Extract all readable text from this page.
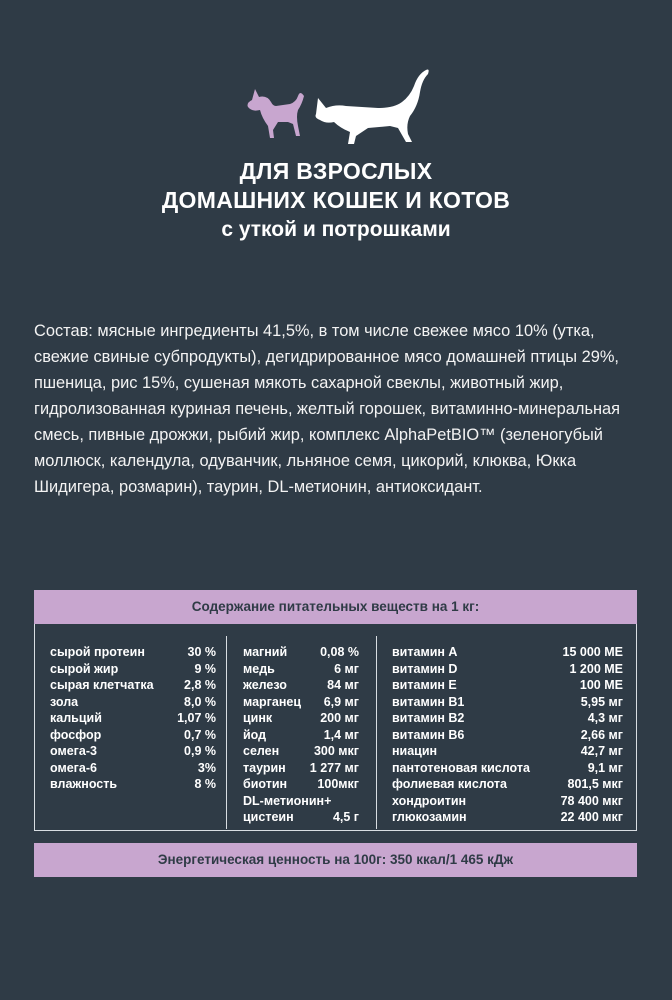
ДЛЯ ВЗРОСЛЫХ
ДОМАШНИХ КОШЕК И КОТОВ
с уткой и потрошками
Состав: мясные ингредиенты 41,5%, в том числе свежее мясо 10% (утка, свежие свиные субпродукты), дегидрированное мясо домашней птицы 29%, пшеница, рис 15%, сушеная мякоть сахарной свеклы, животный жир, гидролизованная куриная печень, желтый горошек, витаминно-минеральная смесь, пивные дрожжи, рыбий жир, комплекс AlphaPetBIO™ (зеленогубый моллюск, календула, одуванчик, льняное семя, цикорий, клюква, Юкка Шидигера, розмарин), таурин, DL-метионин, антиоксидант.
Содержание питательных веществ на 1 кг:
сырой протеин	30 %
сырой жир	9 %
сырая клетчатка 2,8 %
зола	8,0 %
кальций	1,07 %
фосфор	0,7 %
омега-3	0,9 %
омега-6	3%
влажность	8 %
магний	0,08 %
медь	6 мг
железо	84 мг
марганец 6,9 мг
цинк	200 мг
йод	1,4 мг
селен	300 мкг
таурин 1 277 мг
биотин 100мкг
DL-метионин+
цистеин	4,5 г
витамин А	15 000 МЕ
витамин D	1 200 МЕ
витамин Е	100 МЕ
витамин В1	5,95 мг
витамин В2	4,3 мг
витамин В6	2,66 мг
ниацин	42,7 мг
пантотеновая кислота	9,1 мг
фолиевая кислота	801,5 мкг
хондроитин	78 400 мкг
глюкозамин	22 400 мкг
Энергетическая ценность на 100г: 350 ккал/1 465 кДж
